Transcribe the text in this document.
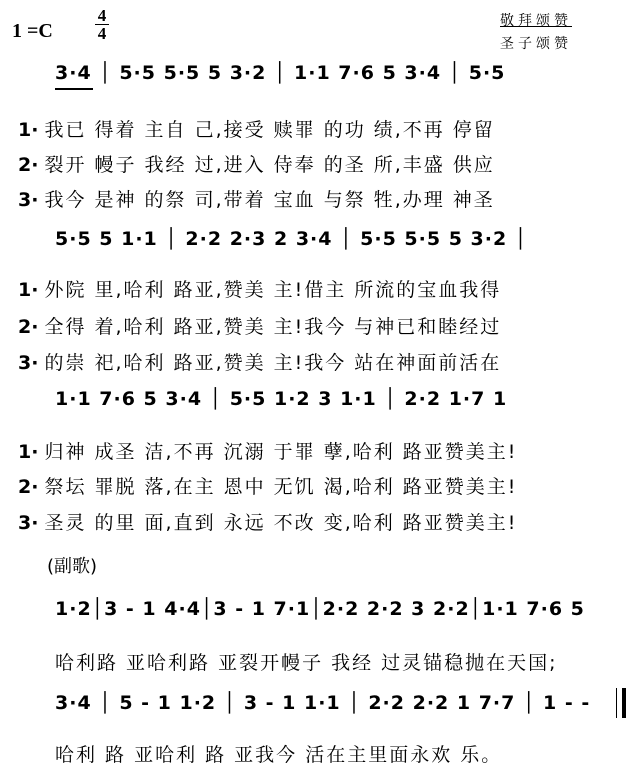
1 =C
4
4
敬拜颂赞
圣子颂赞
3·4 │ 5·5 5·5 5 3·2 │ 1·1 7·6 5 3·4 │ 5·5
1· 我已 得着 主自 己,接受 赎罪 的功 绩,不再 停留
2· 裂开 幔子 我经 过,进入 侍奉 的圣 所,丰盛 供应
3· 我今 是神 的祭 司,带着 宝血 与祭 牲,办理 神圣
5·5 5 1·1 │ 2·2 2·3 2 3·4 │ 5·5 5·5 5 3·2 │
1· 外院 里,哈利 路亚,赞美 主!借主 所流的宝血我得
2· 全得 着,哈利 路亚,赞美 主!我今 与神已和睦经过
3· 的崇 祀,哈利 路亚,赞美 主!我今 站在神面前活在
1·1 7·6 5 3·4 │ 5·5 1·2 3 1·1 │ 2·2 1·7 1
1· 归神 成圣 洁,不再 沉溺 于罪 孽,哈利 路亚赞美主!
2· 祭坛 罪脱 落,在主 恩中 无饥 渴,哈利 路亚赞美主!
3· 圣灵 的里 面,直到 永远 不改 变,哈利 路亚赞美主!
(副歌)
1·2│3 - 1 4·4│3 - 1 7·1│2·2 2·2 3 2·2│1·1 7·6 5
哈利路 亚哈利路 亚裂开幔子 我经 过灵锚稳抛在天国;
3·4 │ 5 - 1 1·2 │ 3 - 1 1·1 │ 2·2 2·2 1 7·7 │ 1 - -
哈利 路 亚哈利 路 亚我今 活在主里面永欢 乐。
